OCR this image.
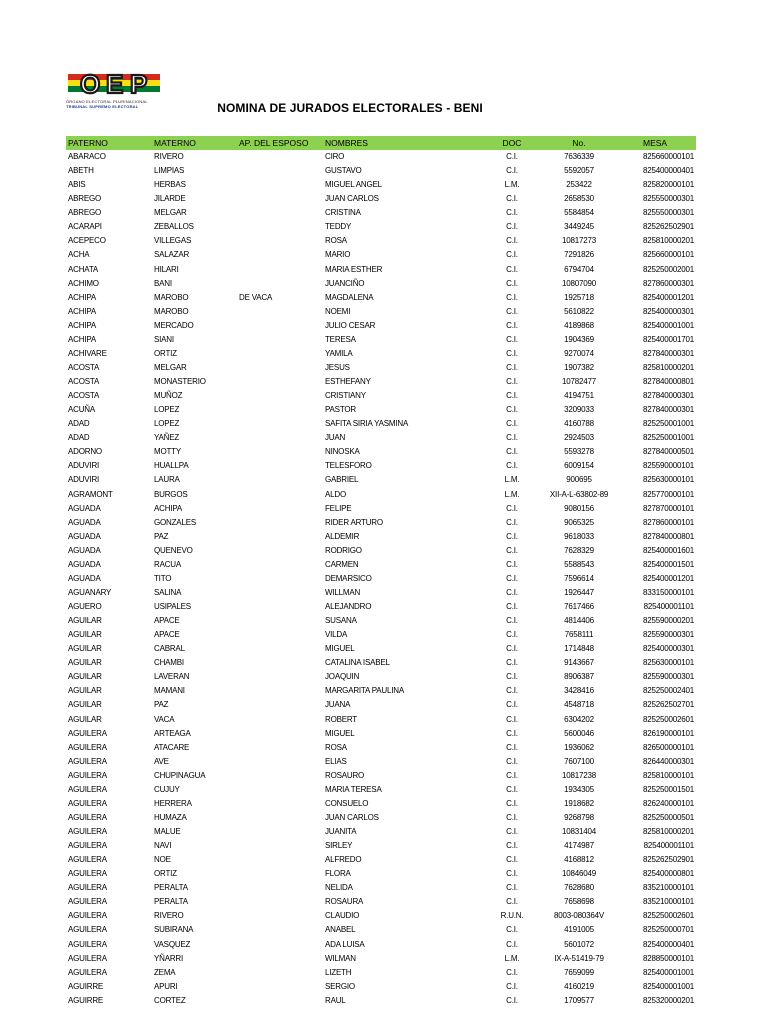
O E P
ÓRGANO ELECTORAL PLURINACIONAL
TRIBUNAL SUPREMO ELECTORAL	NOMINA DE JURADOS ELECTORALES - BENI
PATERNO	MATERNO	AP. DEL ESPOSO	NOMBRES	DOC	No.	MESA
ABARACO	RIVERO		CIRO	C.I.	7636339	825660000101
ABETH	LIMPIAS		GUSTAVO	C.I.	5592057	825400000401
ABIS	HERBAS		MIGUEL ANGEL	L.M.	253422	825820000101
ABREGO	JILARDE		JUAN CARLOS	C.I.	2658530	825550000301
ABREGO	MELGAR		CRISTINA	C.I.	5584854	825550000301
ACARAPI	ZEBALLOS		TEDDY	C.I.	3449245	825262502901
ACEPECO	VILLEGAS		ROSA	C.I.	10817273	825810000201
ACHA	SALAZAR		MARIO	C.I.	7291826	825660000101
ACHATA	HILARI		MARIA ESTHER	C.I.	6794704	825250002001
ACHIMO	BANI		JUANCIÑO	C.I.	10807090	827860000301
ACHIPA	MAROBO	DE VACA	MAGDALENA	C.I.	1925718	825400001201
ACHIPA	MAROBO		NOEMI	C.I.	5610822	825400000301
ACHIPA	MERCADO		JULIO CESAR	C.I.	4189868	825400001001
ACHIPA	SIANI		TERESA	C.I.	1904369	825400001701
ACHIVARE	ORTIZ		YAMILA	C.I.	9270074	827840000301
ACOSTA	MELGAR		JESUS	C.I.	1907382	825810000201
ACOSTA	MONASTERIO		ESTHEFANY	C.I.	10782477	827840000801
ACOSTA	MUÑOZ		CRISTIANY	C.I.	4194751	827840000301
ACUÑA	LOPEZ		PASTOR	C.I.	3209033	827840000301
ADAD	LOPEZ		SAFITA SIRIA YASMINA	C.I.	4160788	825250001001
ADAD	YAÑEZ		JUAN	C.I.	2924503	825250001001
ADORNO	MOTTY		NINOSKA	C.I.	5593278	827840000501
ADUVIRI	HUALLPA		TELESFORO	C.I.	6009154	825590000101
ADUVIRI	LAURA		GABRIEL	L.M.	900695	825630000101
AGRAMONT	BURGOS		ALDO	L.M.	XII-A-L-63802-89	825770000101
AGUADA	ACHIPA		FELIPE	C.I.	9080156	827870000101
AGUADA	GONZALES		RIDER ARTURO	C.I.	9065325	827860000101
AGUADA	PAZ		ALDEMIR	C.I.	9618033	827840000801
AGUADA	QUENEVO		RODRIGO	C.I.	7628329	825400001601
AGUADA	RACUA		CARMEN	C.I.	5588543	825400001501
AGUADA	TITO		DEMARSICO	C.I.	7596614	825400001201
AGUANARY	SALINA		WILLMAN	C.I.	1926447	833150000101
AGUERO	USIPALES		ALEJANDRO	C.I.	7617466	825400001101
AGUILAR	APACE		SUSANA	C.I.	4814406	825590000201
AGUILAR	APACE		VILDA	C.I.	7658111	825590000301
AGUILAR	CABRAL		MIGUEL	C.I.	1714848	825400000301
AGUILAR	CHAMBI		CATALINA ISABEL	C.I.	9143667	825630000101
AGUILAR	LAVERAN		JOAQUIN	C.I.	8906387	825590000301
AGUILAR	MAMANI		MARGARITA PAULINA	C.I.	3428416	825250002401
AGUILAR	PAZ		JUANA	C.I.	4548718	825262502701
AGUILAR	VACA		ROBERT	C.I.	6304202	825250002601
AGUILERA	ARTEAGA		MIGUEL	C.I.	5600046	826190000101
AGUILERA	ATACARE		ROSA	C.I.	1936062	826500000101
AGUILERA	AVE		ELIAS	C.I.	7607100	826440000301
AGUILERA	CHUPINAGUA		ROSAURO	C.I.	10817238	825810000101
AGUILERA	CUJUY		MARIA TERESA	C.I.	1934305	825250001501
AGUILERA	HERRERA		CONSUELO	C.I.	1918682	826240000101
AGUILERA	HUMAZA		JUAN CARLOS	C.I.	9268798	825250000501
AGUILERA	MALUE		JUANITA	C.I.	10831404	825810000201
AGUILERA	NAVI		SIRLEY	C.I.	4174987	825400001101
AGUILERA	NOE		ALFREDO	C.I.	4168812	825262502901
AGUILERA	ORTIZ		FLORA	C.I.	10846049	825400000801
AGUILERA	PERALTA		NELIDA	C.I.	7628680	835210000101
AGUILERA	PERALTA		ROSAURA	C.I.	7658698	835210000101
AGUILERA	RIVERO		CLAUDIO	R.U.N.	8003-080364V	825250002601
AGUILERA	SUBIRANA		ANABEL	C.I.	4191005	825250000701
AGUILERA	VASQUEZ		ADA LUISA	C.I.	5601072	825400000401
AGUILERA	YÑARRI		WILMAN	L.M.	IX-A-51419-79	828850000101
AGUILERA	ZEMA		LIZETH	C.I.	7659099	825400001001
AGUIRRE	APURI		SERGIO	C.I.	4160219	825400001001
AGUIRRE	CORTEZ		RAUL	C.I.	1709577	825320000201
